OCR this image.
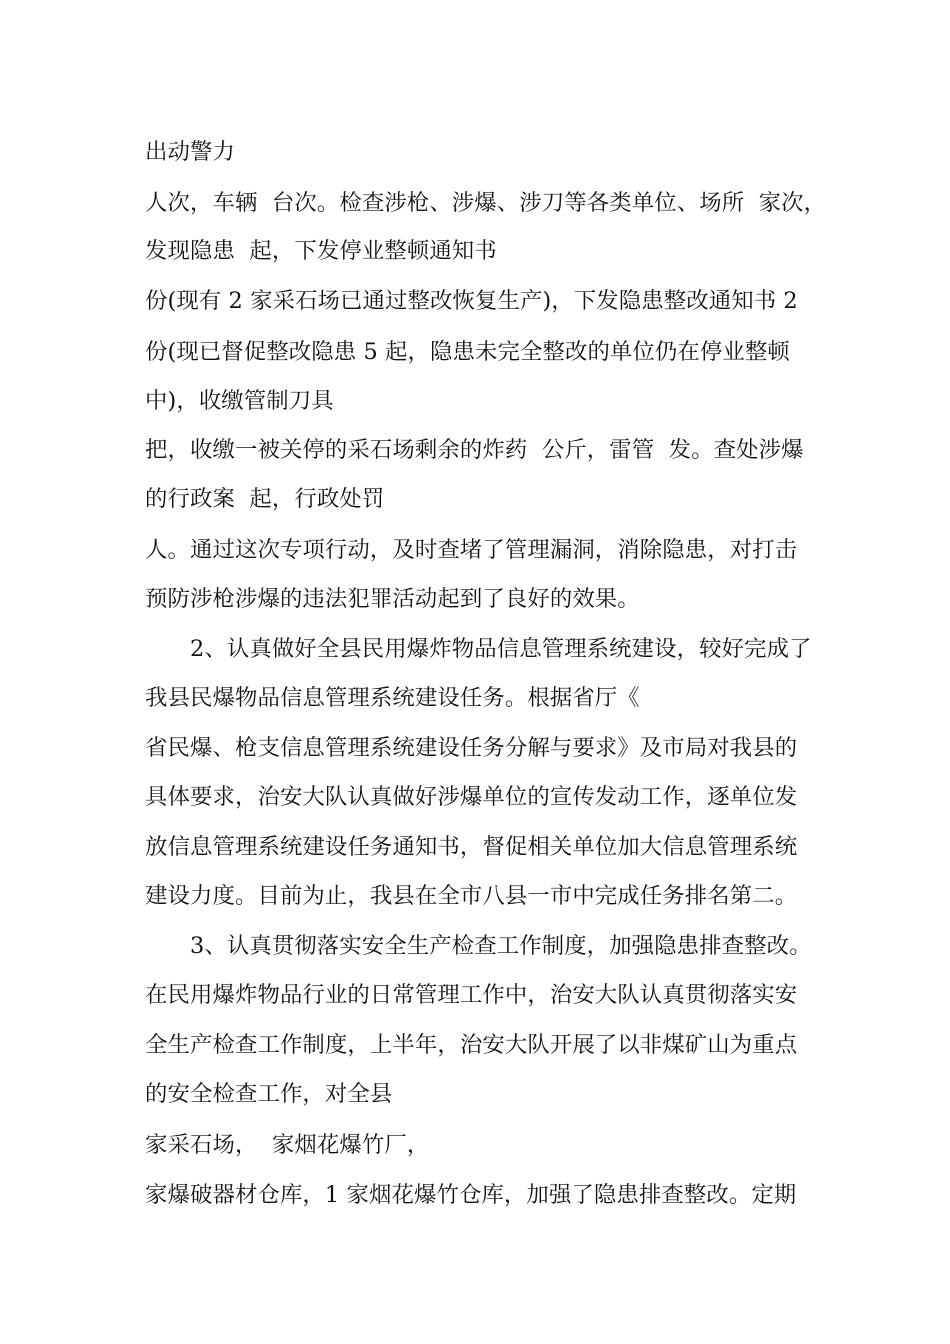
出动警力
人次，车辆  台次。检查涉枪、涉爆、涉刀等各类单位、场所  家次，
发现隐患  起，下发停业整顿通知书
份(现有 2 家采石场已通过整改恢复生产)，下发隐患整改通知书 2
份(现已督促整改隐患 5 起，隐患未完全整改的单位仍在停业整顿
中)，收缴管制刀具
把，收缴一被关停的采石场剩余的炸药  公斤，雷管  发。查处涉爆
的行政案  起，行政处罚
人。通过这次专项行动，及时查堵了管理漏洞，消除隐患，对打击
预防涉枪涉爆的违法犯罪活动起到了良好的效果。
2、认真做好全县民用爆炸物品信息管理系统建设，较好完成了
我县民爆物品信息管理系统建设任务。根据省厅《
省民爆、枪支信息管理系统建设任务分解与要求》及市局对我县的
具体要求，治安大队认真做好涉爆单位的宣传发动工作，逐单位发
放信息管理系统建设任务通知书，督促相关单位加大信息管理系统
建设力度。目前为止，我县在全市八县一市中完成任务排名第二。
3、认真贯彻落实安全生产检查工作制度，加强隐患排查整改。
在民用爆炸物品行业的日常管理工作中，治安大队认真贯彻落实安
全生产检查工作制度，上半年，治安大队开展了以非煤矿山为重点
的安全检查工作，对全县
家采石场，  家烟花爆竹厂，
家爆破器材仓库，1 家烟花爆竹仓库，加强了隐患排查整改。定期
